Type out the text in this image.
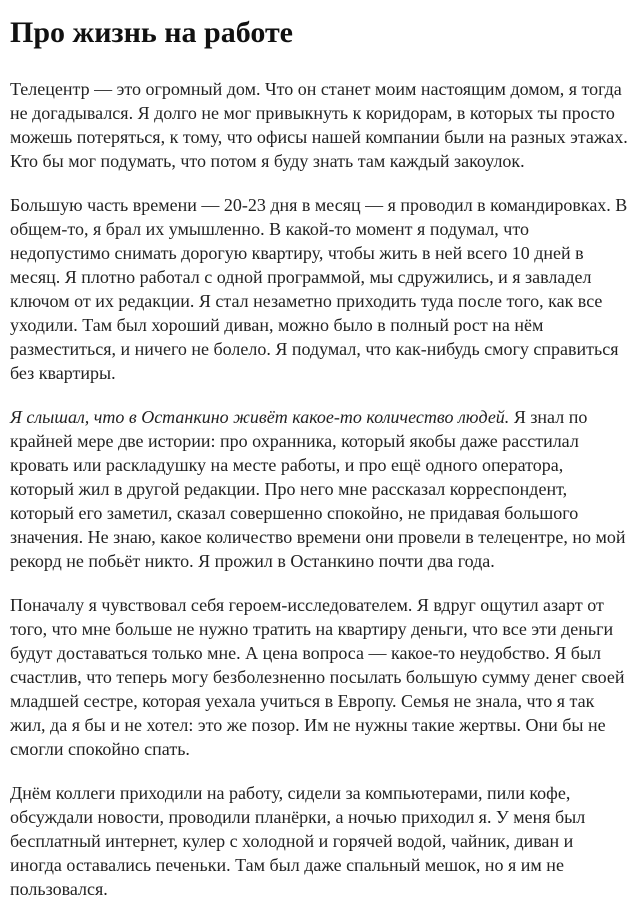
Про жизнь на работе

Телецентр — это огромный дом. Что он станет моим настоящим домом, я тогда не догадывался. Я долго не мог привыкнуть к коридорам, в которых ты просто можешь потеряться, к тому, что офисы нашей компании были на разных этажах. Кто бы мог подумать, что потом я буду знать там каждый закоулок.

Большую часть времени — 20-23 дня в месяц — я проводил в командировках. В общем-то, я брал их умышленно. В какой-то момент я подумал, что недопустимо снимать дорогую квартиру, чтобы жить в ней всего 10 дней в месяц. Я плотно работал с одной программой, мы сдружились, и я завладел ключом от их редакции. Я стал незаметно приходить туда после того, как все уходили. Там был хороший диван, можно было в полный рост на нём разместиться, и ничего не болело. Я подумал, что как-нибудь смогу справиться без квартиры.

Я слышал, что в Останкино живёт какое-то количество людей. Я знал по крайней мере две истории: про охранника, который якобы даже расстилал кровать или раскладушку на месте работы, и про ещё одного оператора, который жил в другой редакции. Про него мне рассказал корреспондент, который его заметил, сказал совершенно спокойно, не придавая большого значения. Не знаю, какое количество времени они провели в телецентре, но мой рекорд не побьёт никто. Я прожил в Останкино почти два года.

Поначалу я чувствовал себя героем-исследователем. Я вдруг ощутил азарт от того, что мне больше не нужно тратить на квартиру деньги, что все эти деньги будут доставаться только мне. А цена вопроса — какое-то неудобство. Я был счастлив, что теперь могу безболезненно посылать большую сумму денег своей младшей сестре, которая уехала учиться в Европу. Семья не знала, что я так жил, да я бы и не хотел: это же позор. Им не нужны такие жертвы. Они бы не смогли спокойно спать.

Днём коллеги приходили на работу, сидели за компьютерами, пили кофе, обсуждали новости, проводили планёрки, а ночью приходил я. У меня был бесплатный интернет, кулер с холодной и горячей водой, чайник, диван и иногда оставались печеньки. Там был даже спальный мешок, но я им не пользовался.
